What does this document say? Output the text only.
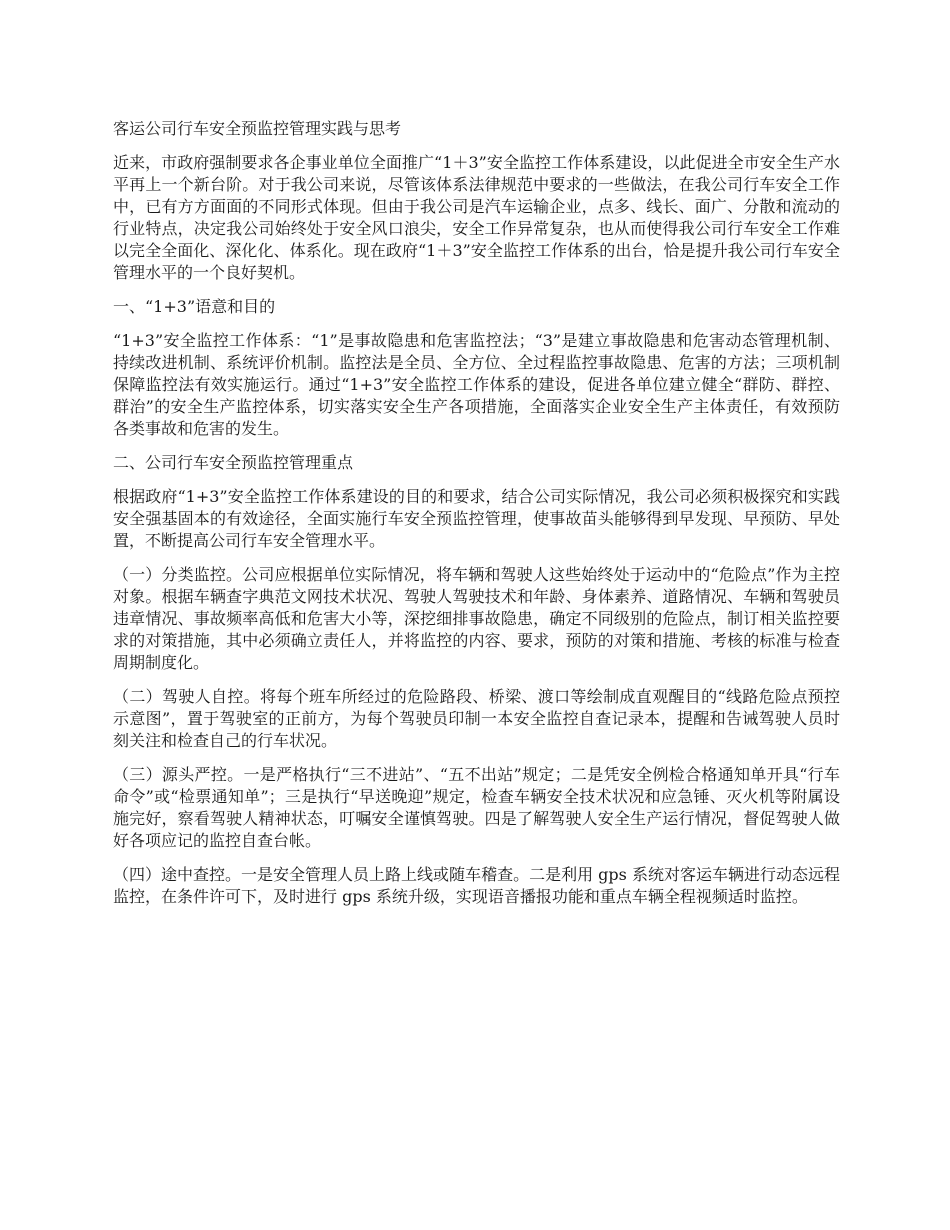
客运公司行车安全预监控管理实践与思考

近来，市政府强制要求各企事业单位全面推广“1＋3”安全监控工作体系建设，以此促进全市安全生产水平再上一个新台阶。对于我公司来说，尽管该体系法律规范中要求的一些做法，在我公司行车安全工作中，已有方方面面的不同形式体现。但由于我公司是汽车运输企业，点多、线长、面广、分散和流动的行业特点，决定我公司始终处于安全风口浪尖，安全工作异常复杂，也从而使得我公司行车安全工作难以完全全面化、深化化、体系化。现在政府“1＋3”安全监控工作体系的出台，恰是提升我公司行车安全管理水平的一个良好契机。

一、“1+3”语意和目的

“1+3”安全监控工作体系：“1”是事故隐患和危害监控法；“3”是建立事故隐患和危害动态管理机制、持续改进机制、系统评价机制。监控法是全员、全方位、全过程监控事故隐患、危害的方法；三项机制保障监控法有效实施运行。通过“1+3”安全监控工作体系的建设，促进各单位建立健全“群防、群控、群治”的安全生产监控体系，切实落实安全生产各项措施，全面落实企业安全生产主体责任，有效预防各类事故和危害的发生。

二、公司行车安全预监控管理重点

根据政府“1+3”安全监控工作体系建设的目的和要求，结合公司实际情况，我公司必须积极探究和实践安全强基固本的有效途径，全面实施行车安全预监控管理，使事故苗头能够得到早发现、早预防、早处置，不断提高公司行车安全管理水平。

（一）分类监控。公司应根据单位实际情况，将车辆和驾驶人这些始终处于运动中的“危险点”作为主控对象。根据车辆查字典范文网技术状况、驾驶人驾驶技术和年龄、身体素养、道路情况、车辆和驾驶员违章情况、事故频率高低和危害大小等，深挖细排事故隐患，确定不同级别的危险点，制订相关监控要求的对策措施，其中必须确立责任人，并将监控的内容、要求，预防的对策和措施、考核的标准与检查周期制度化。

（二）驾驶人自控。将每个班车所经过的危险路段、桥梁、渡口等绘制成直观醒目的“线路危险点预控示意图”，置于驾驶室的正前方，为每个驾驶员印制一本安全监控自查记录本，提醒和告诫驾驶人员时刻关注和检查自己的行车状况。

（三）源头严控。一是严格执行“三不进站”、“五不出站”规定；二是凭安全例检合格通知单开具“行车命令”或“检票通知单”；三是执行“早送晚迎”规定，检查车辆安全技术状况和应急锤、灭火机等附属设施完好，察看驾驶人精神状态，叮嘱安全谨慎驾驶。四是了解驾驶人安全生产运行情况，督促驾驶人做好各项应记的监控自查台帐。

（四）途中查控。一是安全管理人员上路上线或随车稽查。二是利用 gps 系统对客运车辆进行动态远程监控，在条件许可下，及时进行 gps 系统升级，实现语音播报功能和重点车辆全程视频适时监控。
